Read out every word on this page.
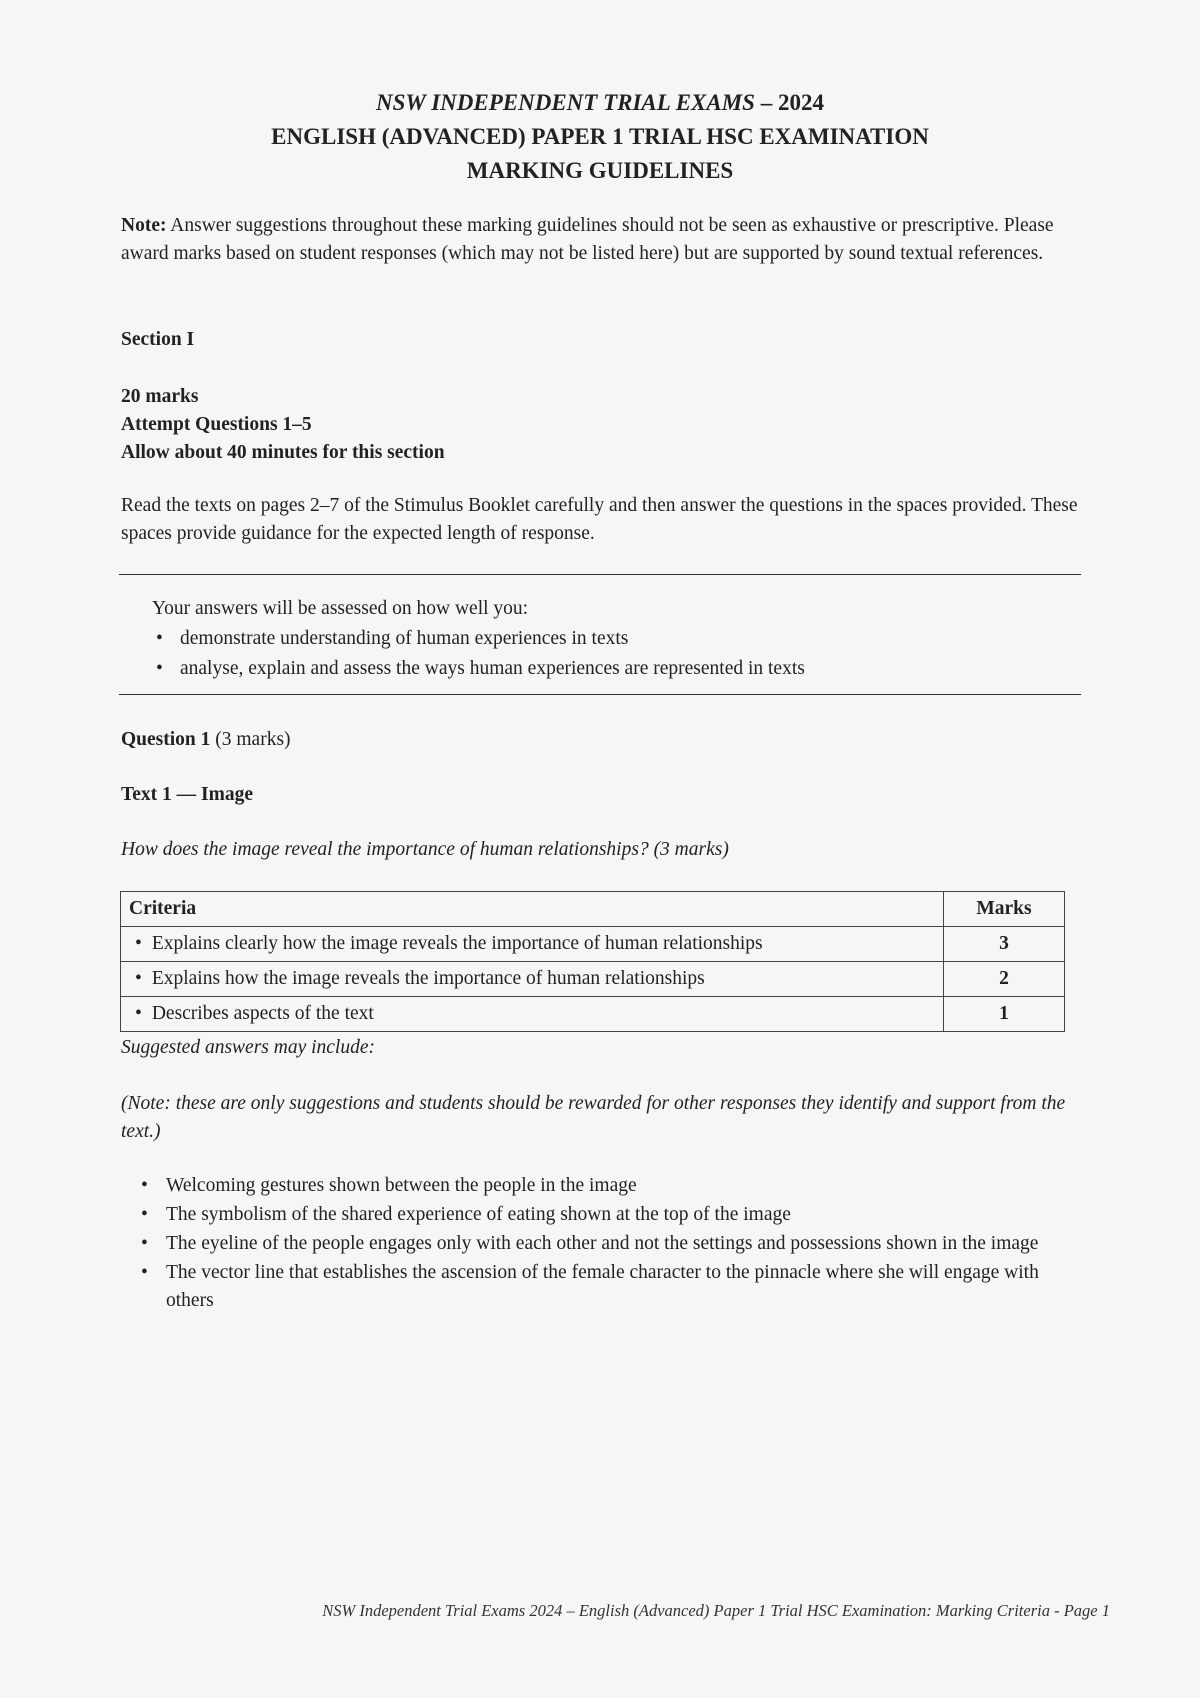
NSW INDEPENDENT TRIAL EXAMS – 2024
ENGLISH (ADVANCED) PAPER 1 TRIAL HSC EXAMINATION
MARKING GUIDELINES
Note: Answer suggestions throughout these marking guidelines should not be seen as exhaustive or prescriptive. Please award marks based on student responses (which may not be listed here) but are supported by sound textual references.
Section I
20 marks
Attempt Questions 1–5
Allow about 40 minutes for this section
Read the texts on pages 2–7 of the Stimulus Booklet carefully and then answer the questions in the spaces provided. These spaces provide guidance for the expected length of response.
Your answers will be assessed on how well you:
• demonstrate understanding of human experiences in texts
• analyse, explain and assess the ways human experiences are represented in texts
Question 1 (3 marks)
Text 1 — Image
How does the image reveal the importance of human relationships? (3 marks)
Criteria	Marks
• Explains clearly how the image reveals the importance of human relationships	3
• Explains how the image reveals the importance of human relationships	2
• Describes aspects of the text	1
Suggested answers may include:
(Note: these are only suggestions and students should be rewarded for other responses they identify and support from the text.)
• Welcoming gestures shown between the people in the image
• The symbolism of the shared experience of eating shown at the top of the image
• The eyeline of the people engages only with each other and not the settings and possessions shown in the image
• The vector line that establishes the ascension of the female character to the pinnacle where she will engage with others
NSW Independent Trial Exams 2024 – English (Advanced) Paper 1 Trial HSC Examination: Marking Criteria - Page 1
